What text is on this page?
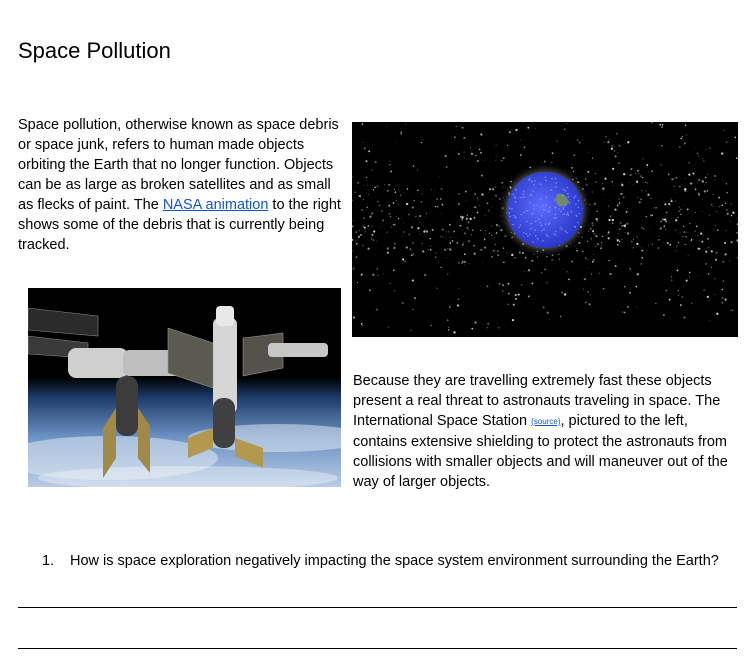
Space Pollution
Space pollution, otherwise known as space debris or space junk, refers to human made objects orbiting the Earth that no longer function. Objects can be as large as broken satellites and as small as flecks of paint. The NASA animation to the right shows some of the debris that is currently being tracked.
Because they are travelling extremely fast these objects present a real threat to astronauts traveling in space. The International Space Station (source), pictured to the left, contains extensive shielding to protect the astronauts from collisions with smaller objects and will maneuver out of the way of larger objects.
1. How is space exploration negatively impacting the space system environment surrounding the Earth?
